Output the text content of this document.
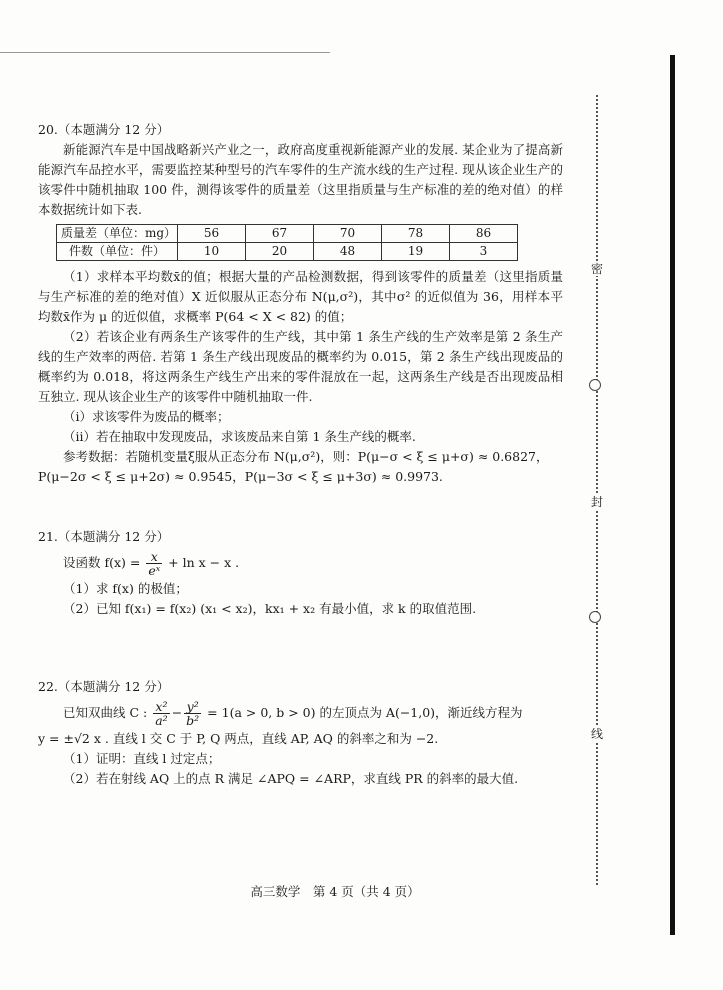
密
封
线

20.（本题满分 12 分）

新能源汽车是中国战略新兴产业之一，政府高度重视新能源产业的发展. 某企业为了提高新能源汽车品控水平，需要监控某种型号的汽车零件的生产流水线的生产过程. 现从该企业生产的该零件中随机抽取 100 件，测得该零件的质量差（这里指质量与生产标准的差的绝对值）的样本数据统计如下表.

质量差（单位：mg）	56	67	70	78	86
件数（单位：件）	10	20	48	19	3

（1）求样本平均数x̄的值；根据大量的产品检测数据，得到该零件的质量差（这里指质量与生产标准的差的绝对值）X 近似服从正态分布 N(μ,σ²)，其中σ² 的近似值为 36，用样本平均数x̄作为 μ 的近似值，求概率 P(64 < X < 82) 的值；

（2）若该企业有两条生产该零件的生产线，其中第 1 条生产线的生产效率是第 2 条生产线的生产效率的两倍. 若第 1 条生产线出现废品的概率约为 0.015，第 2 条生产线出现废品的概率约为 0.018，将这两条生产线生产出来的零件混放在一起，这两条生产线是否出现废品相互独立. 现从该企业生产的该零件中随机抽取一件.

（i）求该零件为废品的概率；

（ii）若在抽取中发现废品，求该废品来自第 1 条生产线的概率.

参考数据：若随机变量ξ服从正态分布 N(μ,σ²)，则：P(μ−σ < ξ ≤ μ+σ) ≈ 0.6827，

P(μ−2σ < ξ ≤ μ+2σ) ≈ 0.9545，P(μ−3σ < ξ ≤ μ+3σ) ≈ 0.9973.

21.（本题满分 12 分）

设函数 $f(x) = \frac{x}{\text{eˣ}} + \ln x - x$ .

（1）求 f(x) 的极值；

（2）已知 f(x₁) = f(x₂) (x₁ < x₂)，kx₁ + x₂ 有最小值，求 k 的取值范围.

22.（本题满分 12 分）

已知双曲线 C : $\frac{\text{x²}}{\text{a²}} - \frac{\text{y²}}{\text{b²}} = 1(a > 0$, b > 0) 的左顶点为 A(−1,0)，渐近线方程为

y = ±√2 x . 直线 l 交 C 于 P, Q 两点，直线 AP, AQ 的斜率之和为 −2.

（1）证明：直线 l 过定点；

（2）若在射线 AQ 上的点 R 满足 ∠APQ = ∠ARP，求直线 PR 的斜率的最大值.

高三数学　第 4 页（共 4 页）
